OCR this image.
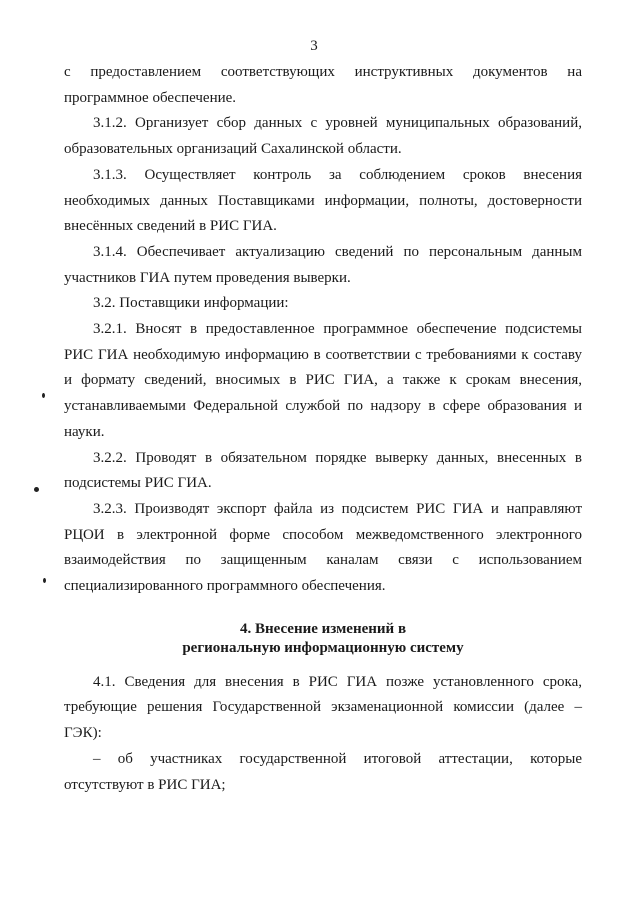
3

с предоставлением соответствующих инструктивных документов на программное обеспечение.

3.1.2. Организует сбор данных с уровней муниципальных образований, образовательных организаций Сахалинской области.

3.1.3. Осуществляет контроль за соблюдением сроков внесения необходимых данных Поставщиками информации, полноты, достоверности внесённых сведений в РИС ГИА.

3.1.4. Обеспечивает актуализацию сведений по персональным данным участников ГИА путем проведения выверки.

3.2. Поставщики информации:

3.2.1. Вносят в предоставленное программное обеспечение подсистемы РИС ГИА необходимую информацию в соответствии с требованиями к составу и формату сведений, вносимых в РИС ГИА, а также к срокам внесения, устанавливаемыми Федеральной службой по надзору в сфере образования и науки.

3.2.2. Проводят в обязательном порядке выверку данных, внесенных в подсистемы РИС ГИА.

3.2.3. Производят экспорт файла из подсистем РИС ГИА и направляют РЦОИ в электронной форме способом межведомственного электронного взаимодействия по защищенным каналам связи с использованием специализированного программного обеспечения.

4. Внесение изменений в
региональную информационную систему

4.1. Сведения для внесения в РИС ГИА позже установленного срока, требующие решения Государственной экзаменационной комиссии (далее – ГЭК):

– об участниках государственной итоговой аттестации, которые отсутствуют в РИС ГИА;
